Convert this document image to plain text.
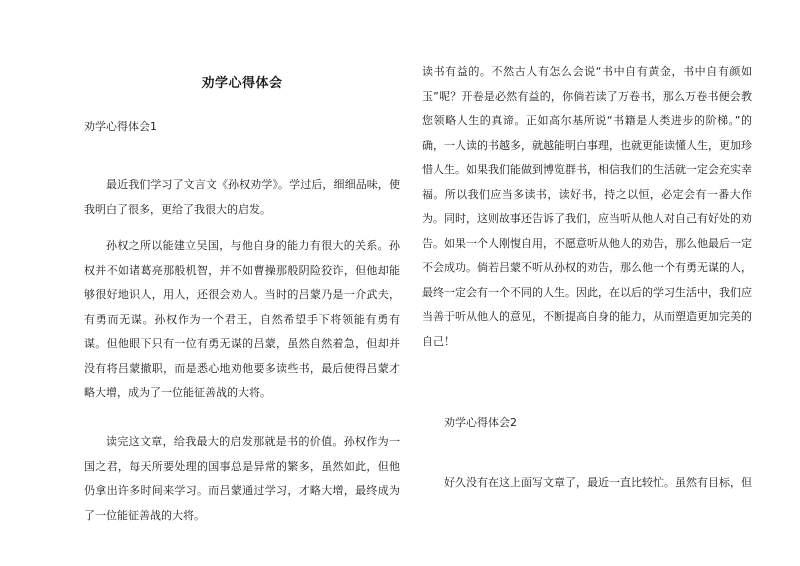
劝学心得体会
劝学心得体会1

最近我们学习了文言文《孙权劝学》。学过后，细细品味，使我明白了很多，更给了我很大的启发。

孙权之所以能建立吴国，与他自身的能力有很大的关系。孙权并不如诸葛亮那般机智，并不如曹操那般阴险狡诈，但他却能够很好地识人，用人，还很会劝人。当时的吕蒙乃是一介武夫，有勇而无谋。孙权作为一个君王，自然希望手下将领能有勇有谋。但他眼下只有一位有勇无谋的吕蒙，虽然自然着急，但却并没有将吕蒙撤职，而是悉心地劝他要多读些书，最后使得吕蒙才略大增，成为了一位能征善战的大将。

读完这文章，给我最大的启发那就是书的价值。孙权作为一国之君，每天所要处理的国事总是异常的繁多，虽然如此，但他仍拿出许多时间来学习。而吕蒙通过学习，才略大增，最终成为了一位能征善战的大将。

读书有益的。不然古人有怎么会说“书中自有黄金，书中自有颜如玉”呢？开卷是必然有益的，你倘若读了万卷书，那么万卷书便会教您领略人生的真谛。正如高尔基所说“书籍是人类进步的阶梯。”的确，一人读的书越多，就越能明白事理，也就更能读懂人生，更加珍惜人生。如果我们能做到博览群书，相信我们的生活就一定会充实幸福。所以我们应当多读书，读好书，持之以恒，必定会有一番大作为。同时，这则故事还告诉了我们，应当听从他人对自己有好处的劝告。如果一个人刚愎自用，不愿意听从他人的劝告，那么他最后一定不会成功。倘若吕蒙不听从孙权的劝告，那么他一个有勇无谋的人，最终一定会有一个不同的人生。因此，在以后的学习生活中，我们应当善于听从他人的意见，不断提高自身的能力，从而塑造更加完美的自己！

劝学心得体会2

好久没有在这上面写文章了，最近一直比较忙。虽然有目标，但
